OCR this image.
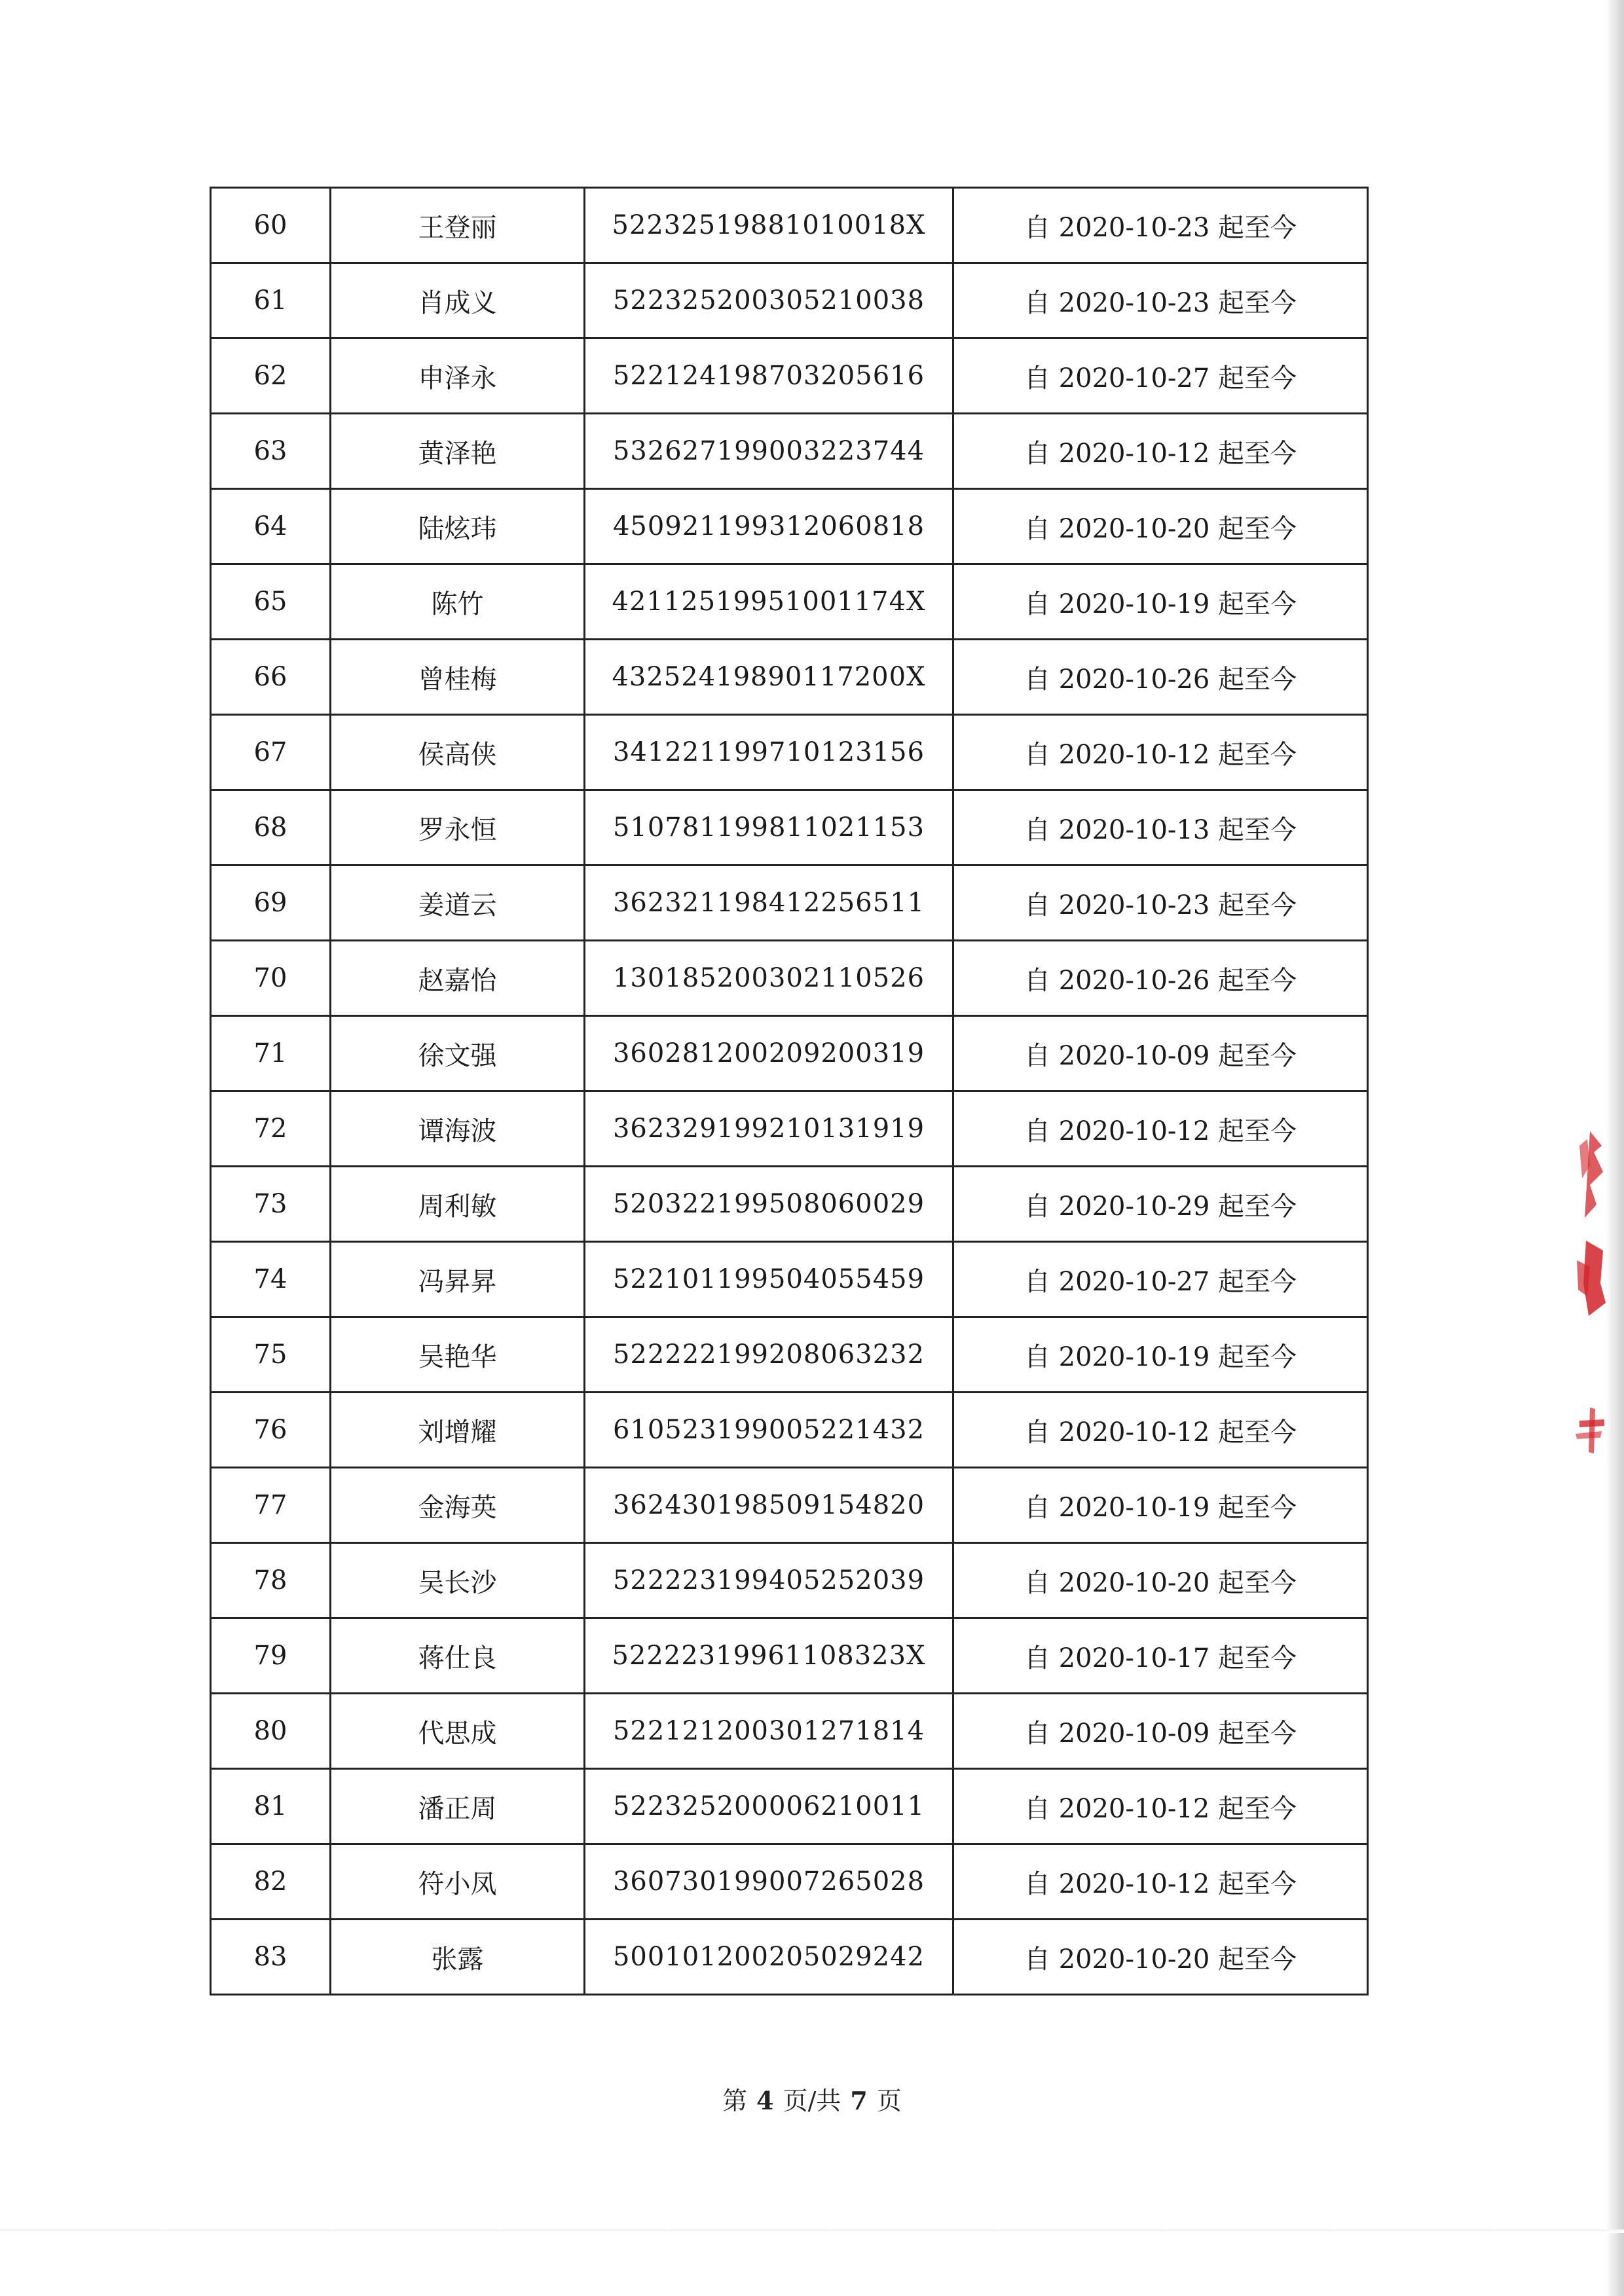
60	王登丽	52232519881010018X	自 2020-10-23 起至今
61	肖成义	522325200305210038	自 2020-10-23 起至今
62	申泽永	522124198703205616	自 2020-10-27 起至今
63	黄泽艳	532627199003223744	自 2020-10-12 起至今
64	陆炫玮	450921199312060818	自 2020-10-20 起至今
65	陈竹	42112519951001174X	自 2020-10-19 起至今
66	曾桂梅	43252419890117200X	自 2020-10-26 起至今
67	侯高侠	341221199710123156	自 2020-10-12 起至今
68	罗永恒	510781199811021153	自 2020-10-13 起至今
69	姜道云	362321198412256511	自 2020-10-23 起至今
70	赵嘉怡	130185200302110526	自 2020-10-26 起至今
71	徐文强	360281200209200319	自 2020-10-09 起至今
72	谭海波	362329199210131919	自 2020-10-12 起至今
73	周利敏	520322199508060029	自 2020-10-29 起至今
74	冯昇昇	522101199504055459	自 2020-10-27 起至今
75	吴艳华	522222199208063232	自 2020-10-19 起至今
76	刘增耀	610523199005221432	自 2020-10-12 起至今
77	金海英	362430198509154820	自 2020-10-19 起至今
78	吴长沙	522223199405252039	自 2020-10-20 起至今
79	蒋仕良	52222319961108323X	自 2020-10-17 起至今
80	代思成	522121200301271814	自 2020-10-09 起至今
81	潘正周	522325200006210011	自 2020-10-12 起至今
82	符小凤	360730199007265028	自 2020-10-12 起至今
83	张露	500101200205029242	自 2020-10-20 起至今
第 4 页/共 7 页
